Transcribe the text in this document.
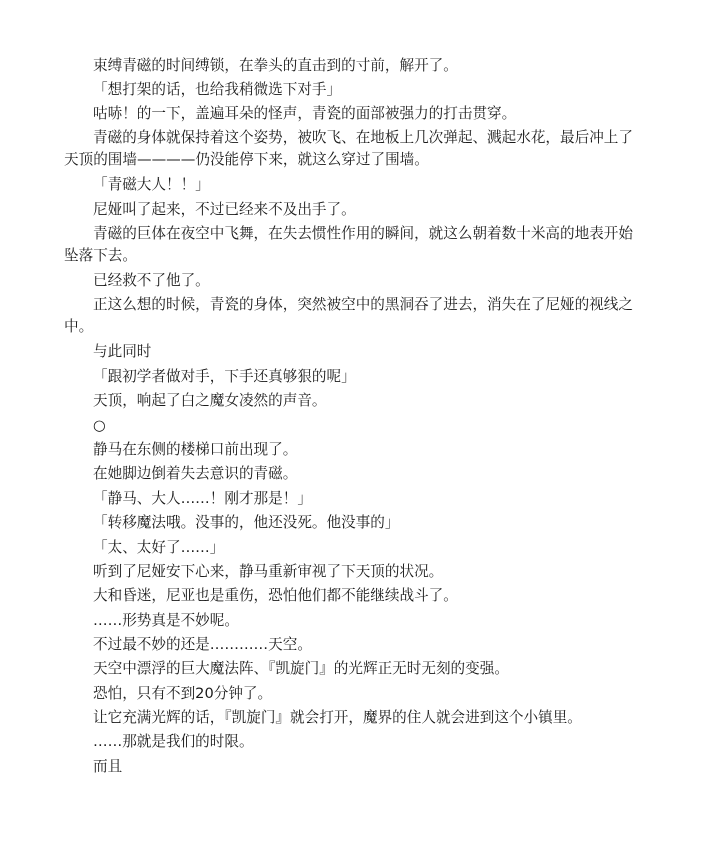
束缚青磁的时间缚锁，在拳头的直击到的寸前，解开了。

「想打架的话，也给我稍微选下对手」

咕哧！的一下，盖遍耳朵的怪声，青瓷的面部被强力的打击贯穿。

青磁的身体就保持着这个姿势，被吹飞、在地板上几次弹起、溅起水花，最后冲上了天顶的围墙————仍没能停下来，就这么穿过了围墙。

「青磁大人！！」

尼娅叫了起来，不过已经来不及出手了。

青磁的巨体在夜空中飞舞，在失去惯性作用的瞬间，就这么朝着数十米高的地表开始坠落下去。

已经救不了他了。

正这么想的时候，青瓷的身体，突然被空中的黑洞吞了进去，消失在了尼娅的视线之中。

与此同时

「跟初学者做对手，下手还真够狠的呢」

天顶，响起了白之魔女凌然的声音。

○

静马在东侧的楼梯口前出现了。

在她脚边倒着失去意识的青磁。

「静马、大人……！刚才那是！」

「转移魔法哦。没事的，他还没死。他没事的」

「太、太好了……」

听到了尼娅安下心来，静马重新审视了下天顶的状况。

大和昏迷，尼亚也是重伤，恐怕他们都不能继续战斗了。

……形势真是不妙呢。

不过最不妙的还是…………天空。

天空中漂浮的巨大魔法阵、『凯旋门』的光辉正无时无刻的变强。

恐怕，只有不到20分钟了。

让它充满光辉的话，『凯旋门』就会打开，魔界的住人就会进到这个小镇里。

……那就是我们的时限。

而且
